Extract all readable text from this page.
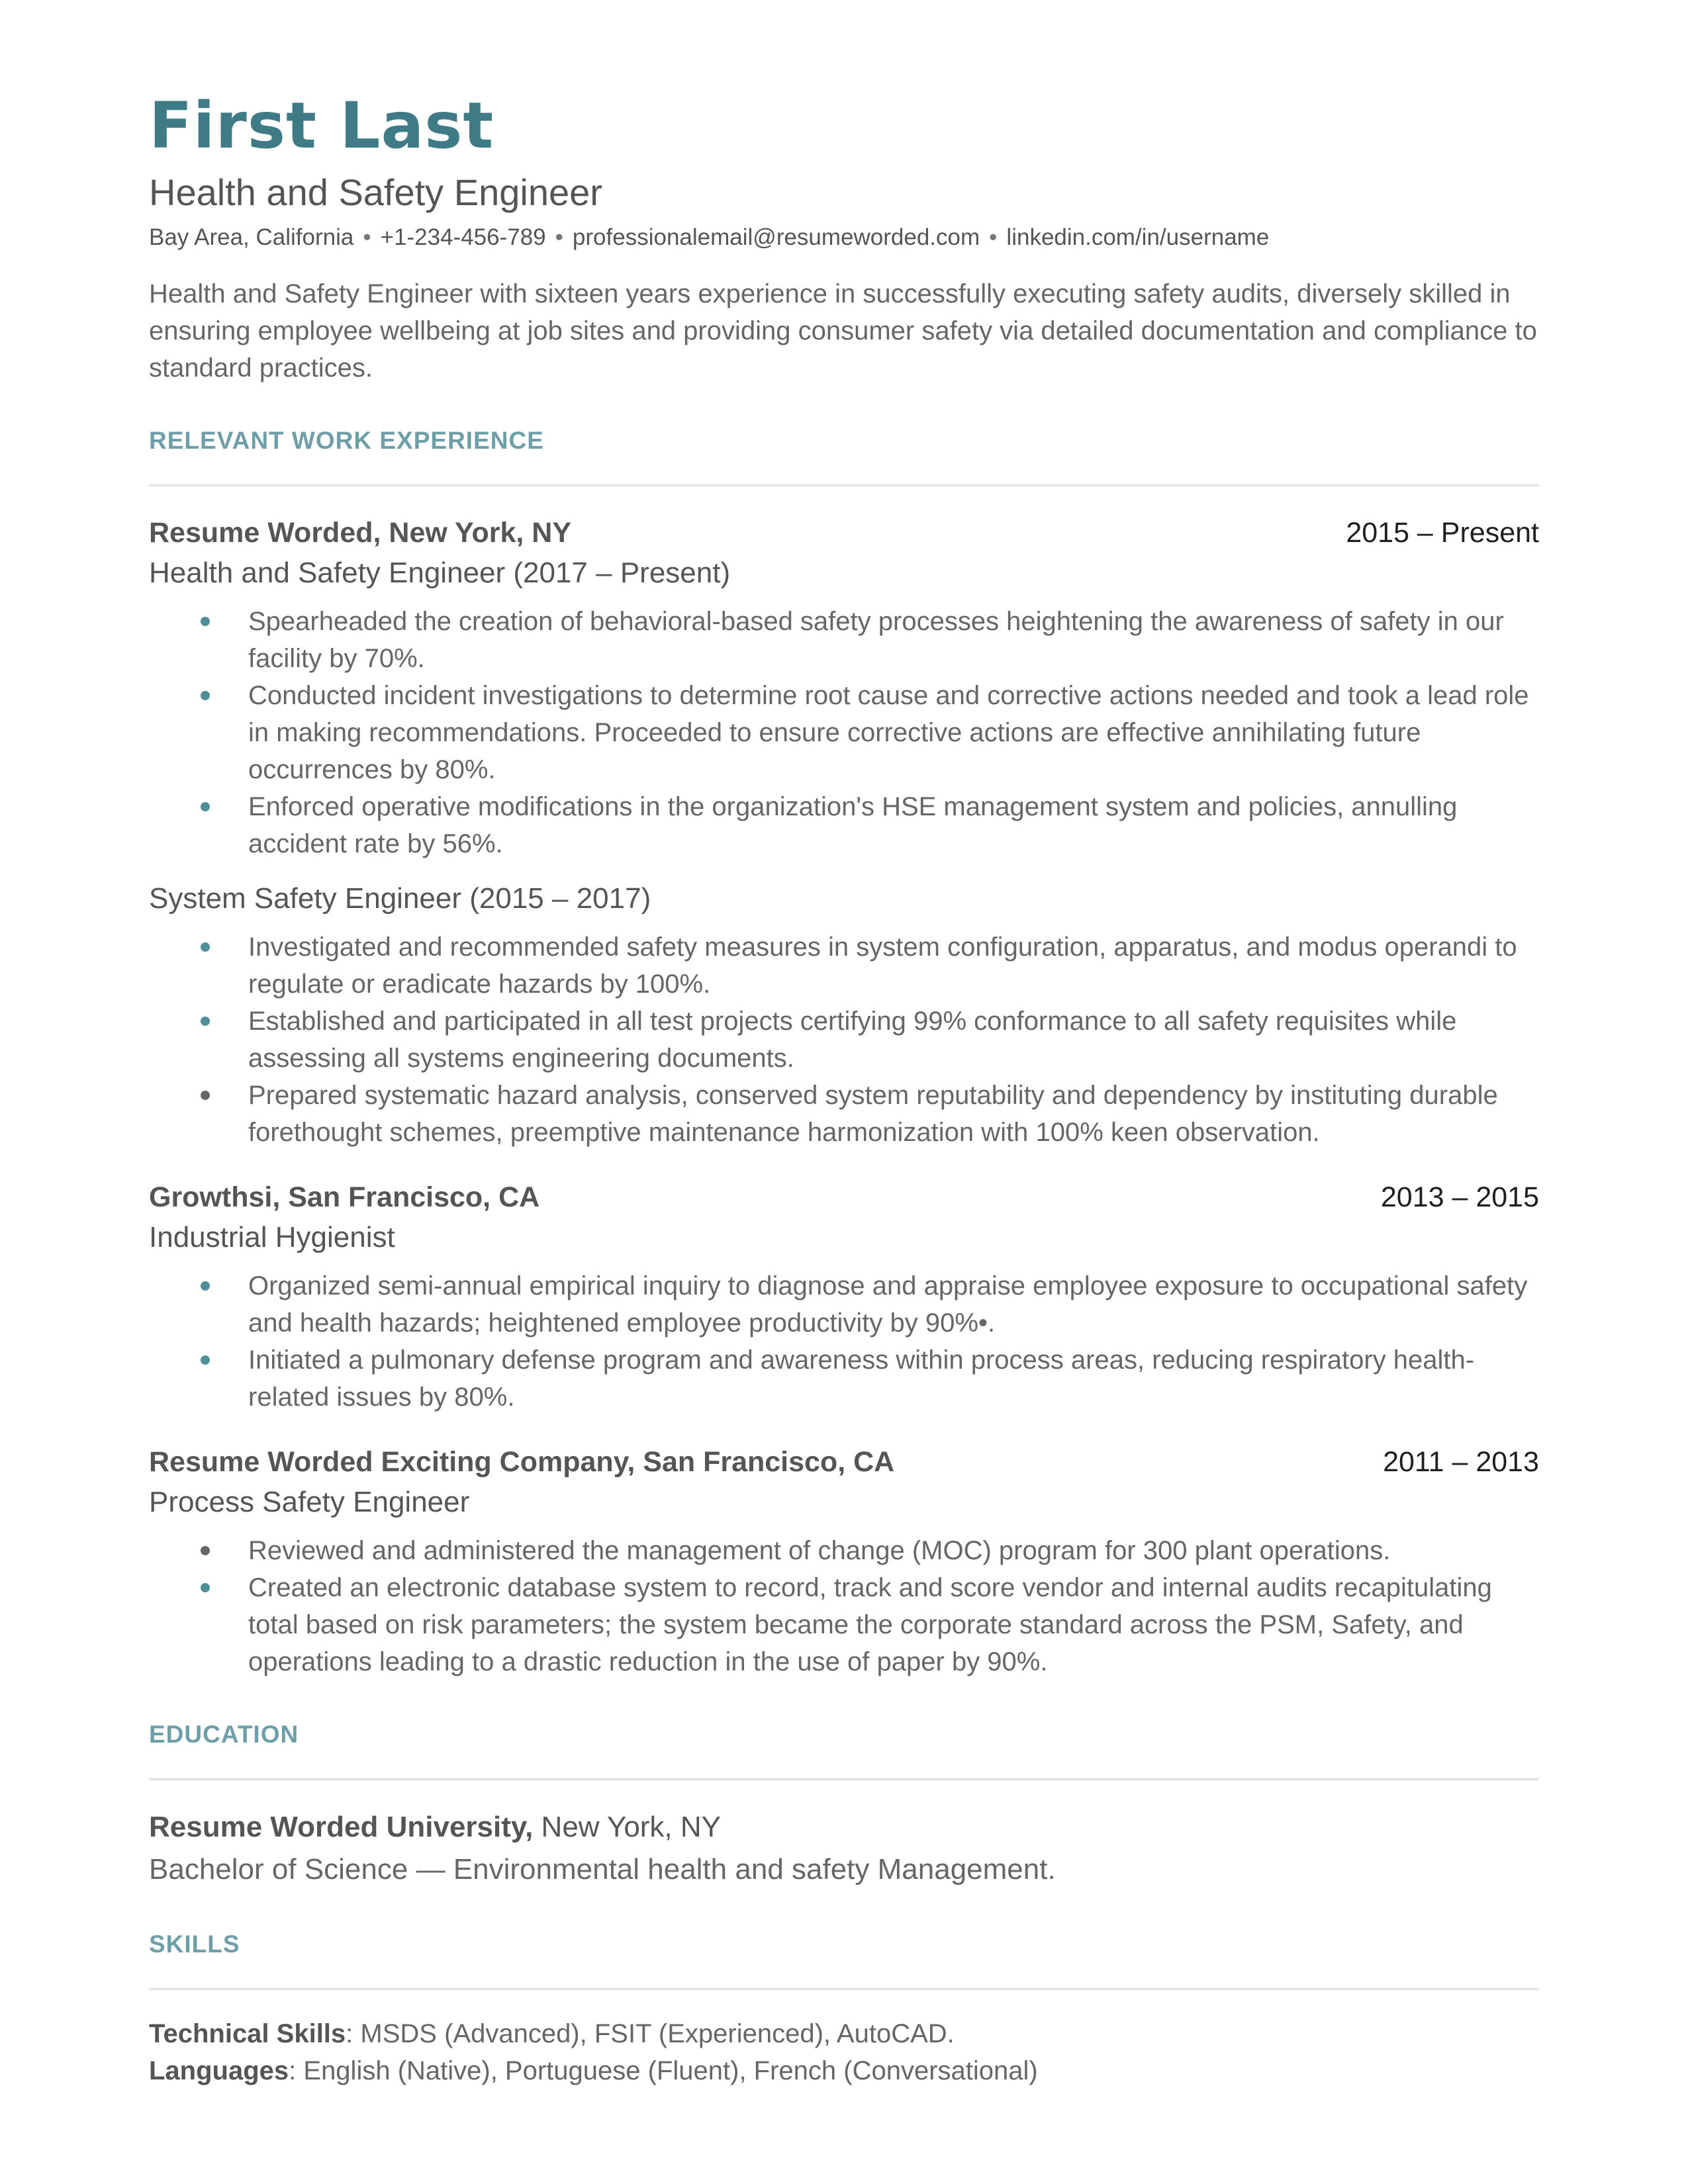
First Last
Health and Safety Engineer
Bay Area, California • +1-234-456-789 • professionalemail@resumeworded.com • linkedin.com/in/username
Health and Safety Engineer with sixteen years experience in successfully executing safety audits, diversely skilled in ensuring employee wellbeing at job sites and providing consumer safety via detailed documentation and compliance to standard practices.
RELEVANT WORK EXPERIENCE
Resume Worded, New York, NY	2015 – Present
Health and Safety Engineer (2017 – Present)
Spearheaded the creation of behavioral-based safety processes heightening the awareness of safety in our facility by 70%.
Conducted incident investigations to determine root cause and corrective actions needed and took a lead role in making recommendations. Proceeded to ensure corrective actions are effective annihilating future occurrences by 80%.
Enforced operative modifications in the organization's HSE management system and policies, annulling accident rate by 56%.
System Safety Engineer (2015 – 2017)
Investigated and recommended safety measures in system configuration, apparatus, and modus operandi to regulate or eradicate hazards by 100%.
Established and participated in all test projects certifying 99% conformance to all safety requisites while assessing all systems engineering documents.
Prepared systematic hazard analysis, conserved system reputability and dependency by instituting durable forethought schemes, preemptive maintenance harmonization with 100% keen observation.
Growthsi, San Francisco, CA	2013 – 2015
Industrial Hygienist
Organized semi-annual empirical inquiry to diagnose and appraise employee exposure to occupational safety and health hazards; heightened employee productivity by 90%•.
Initiated a pulmonary defense program and awareness within process areas, reducing respiratory health-related issues by 80%.
Resume Worded Exciting Company, San Francisco, CA	2011 – 2013
Process Safety Engineer
Reviewed and administered the management of change (MOC) program for 300 plant operations.
Created an electronic database system to record, track and score vendor and internal audits recapitulating total based on risk parameters; the system became the corporate standard across the PSM, Safety, and operations leading to a drastic reduction in the use of paper by 90%.
EDUCATION
Resume Worded University, New York, NY
Bachelor of Science — Environmental health and safety Management.
SKILLS
Technical Skills: MSDS (Advanced), FSIT (Experienced), AutoCAD.
Languages: English (Native), Portuguese (Fluent), French (Conversational)
